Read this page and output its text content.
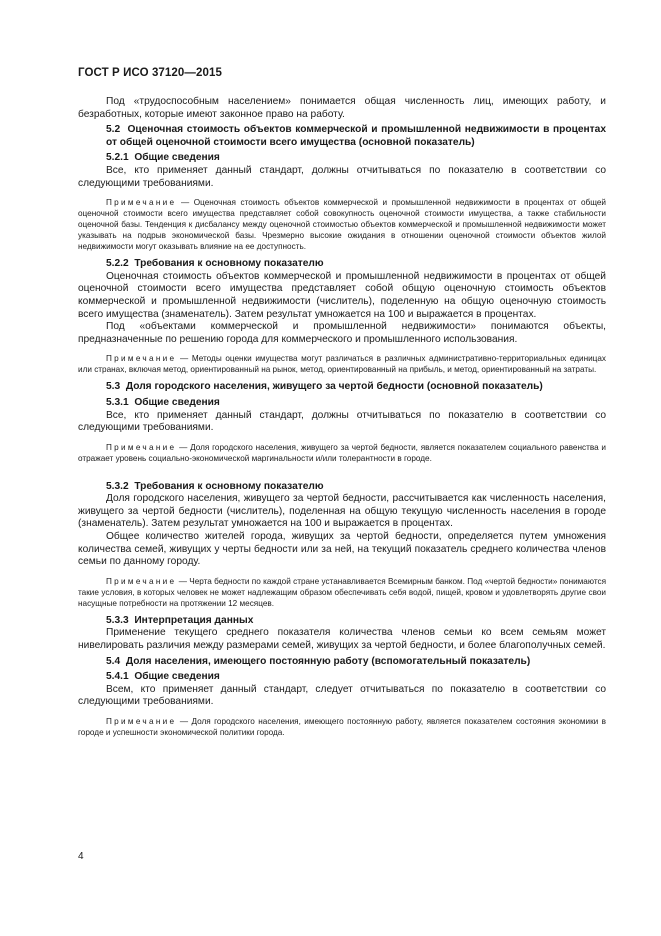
ГОСТ Р ИСО 37120—2015

Под «трудоспособным населением» понимается общая численность лиц, имеющих работу, и безработных, которые имеют законное право на работу.

5.2 Оценочная стоимость объектов коммерческой и промышленной недвижимости в процентах от общей оценочной стоимости всего имущества (основной показатель)

5.2.1 Общие сведения

Все, кто применяет данный стандарт, должны отчитываться по показателю в соответствии со следующими требованиями.

Примечание — Оценочная стоимость объектов коммерческой и промышленной недвижимости в процентах от общей оценочной стоимости всего имущества представляет собой совокупность оценочной стоимости имущества, а также стабильности оценочной базы. Тенденция к дисбалансу между оценочной стоимостью объектов коммерческой и промышленной недвижимости может указывать на подрыв экономической базы. Чрезмерно высокие ожидания в отношении оценочной стоимости объектов жилой недвижимости могут оказывать влияние на ее доступность.

5.2.2 Требования к основному показателю

Оценочная стоимость объектов коммерческой и промышленной недвижимости в процентах от общей оценочной стоимости всего имущества представляет собой общую оценочную стоимость объектов коммерческой и промышленной недвижимости (числитель), поделенную на общую оценочную стоимость всего имущества (знаменатель). Затем результат умножается на 100 и выражается в процентах.

Под «объектами коммерческой и промышленной недвижимости» понимаются объекты, предназначенные по решению города для коммерческого и промышленного использования.

Примечание — Методы оценки имущества могут различаться в различных административно-территориальных единицах или странах, включая метод, ориентированный на рынок, метод, ориентированный на прибыль, и метод, ориентированный на затраты.

5.3 Доля городского населения, живущего за чертой бедности (основной показатель)

5.3.1 Общие сведения

Все, кто применяет данный стандарт, должны отчитываться по показателю в соответствии со следующими требованиями.

Примечание — Доля городского населения, живущего за чертой бедности, является показателем социального равенства и отражает уровень социально-экономической маргинальности и/или толерантности в городе.

5.3.2 Требования к основному показателю

Доля городского населения, живущего за чертой бедности, рассчитывается как численность населения, живущего за чертой бедности (числитель), поделенная на общую текущую численность населения в городе (знаменатель). Затем результат умножается на 100 и выражается в процентах.

Общее количество жителей города, живущих за чертой бедности, определяется путем умножения количества семей, живущих у черты бедности или за ней, на текущий показатель среднего количества членов семьи по данному городу.

Примечание — Черта бедности по каждой стране устанавливается Всемирным банком. Под «чертой бедности» понимаются такие условия, в которых человек не может надлежащим образом обеспечивать себя водой, пищей, кровом и удовлетворять другие свои насущные потребности на протяжении 12 месяцев.

5.3.3 Интерпретация данных

Применение текущего среднего показателя количества членов семьи ко всем семьям может нивелировать различия между размерами семей, живущих за чертой бедности, и более благополучных семей.

5.4 Доля населения, имеющего постоянную работу (вспомогательный показатель)

5.4.1 Общие сведения

Всем, кто применяет данный стандарт, следует отчитываться по показателю в соответствии со следующими требованиями.

Примечание — Доля городского населения, имеющего постоянную работу, является показателем состояния экономики в городе и успешности экономической политики города.

4
